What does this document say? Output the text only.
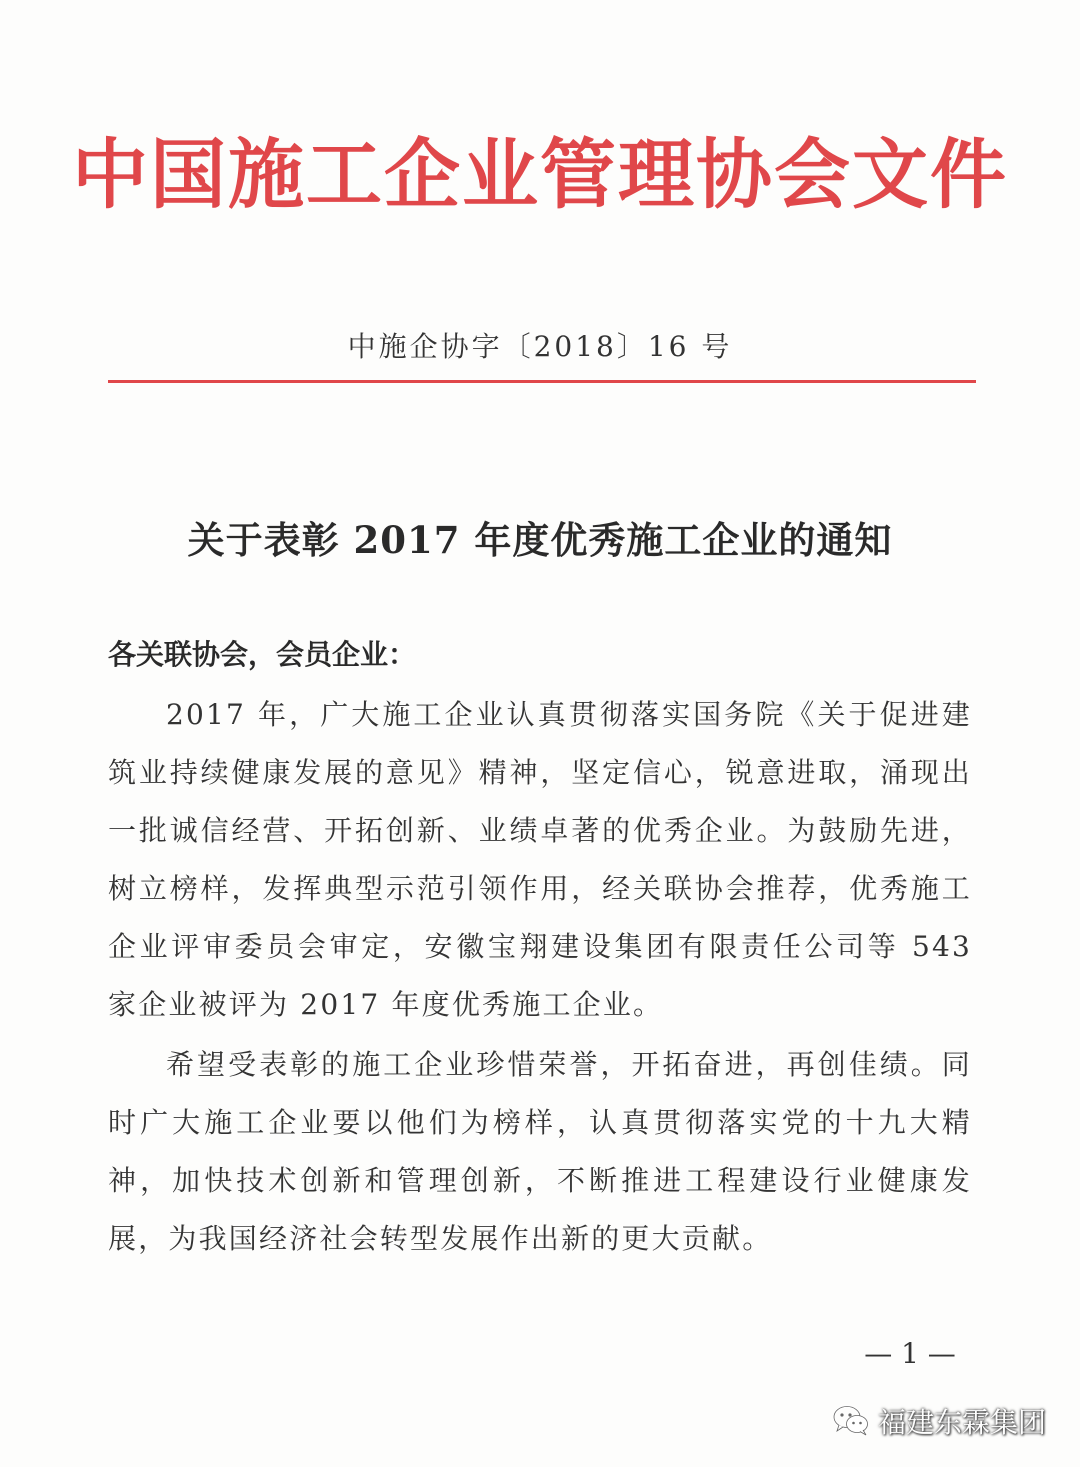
中国施工企业管理协会文件
中施企协字〔2018〕16 号
关于表彰 2017 年度优秀施工企业的通知
各关联协会，会员企业：

2017 年，广大施工企业认真贯彻落实国务院《关于促进建筑业持续健康发展的意见》精神，坚定信心，锐意进取，涌现出一批诚信经营、开拓创新、业绩卓著的优秀企业。为鼓励先进，树立榜样，发挥典型示范引领作用，经关联协会推荐，优秀施工企业评审委员会审定，安徽宝翔建设集团有限责任公司等 543 家企业被评为 2017 年度优秀施工企业。

希望受表彰的施工企业珍惜荣誉，开拓奋进，再创佳绩。同时广大施工企业要以他们为榜样，认真贯彻落实党的十九大精神，加快技术创新和管理创新，不断推进工程建设行业健康发展，为我国经济社会转型发展作出新的更大贡献。

— 1 —
福建东霖集团
